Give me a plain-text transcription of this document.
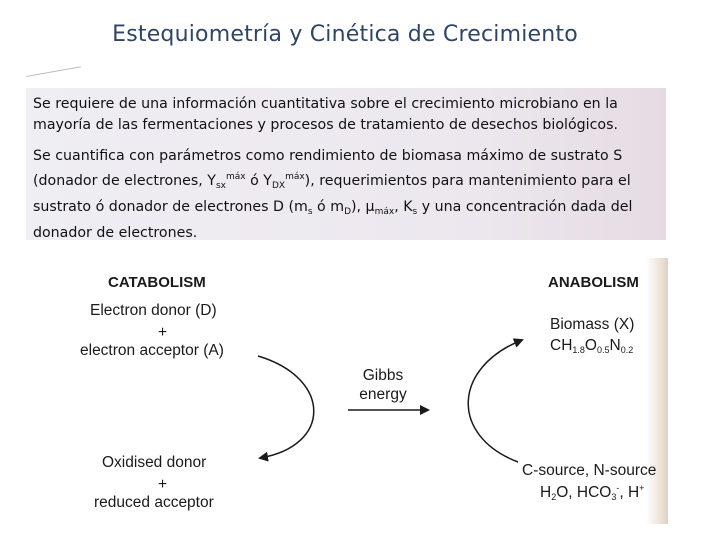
Estequiometría y Cinética de Crecimiento

Se requiere de una información cuantitativa sobre el crecimiento microbiano en la mayoría de las fermentaciones y procesos de tratamiento de desechos biológicos.

Se cuantifica con parámetros como rendimiento de biomasa máximo de sustrato S (donador de electrones, $Y_{sx}^{máx}$ ó $Y_{DX}^{máx}$), requerimientos para mantenimiento para el sustrato ó donador de electrones D ($m_s$ ó $m_D$), $\mu_{máx}$, $K_s$ y una concentración dada del donador de electrones.

CATABOLISM
Electron donor (D)
+
electron acceptor (A)
Gibbs
energy
Oxidised donor
+
reduced acceptor
ANABOLISM
Biomass (X)
$CH_{1.8}O_{0.5}N_{0.2}$
C-source, N-source
$H_2O$, $HCO_3^-$, H+
